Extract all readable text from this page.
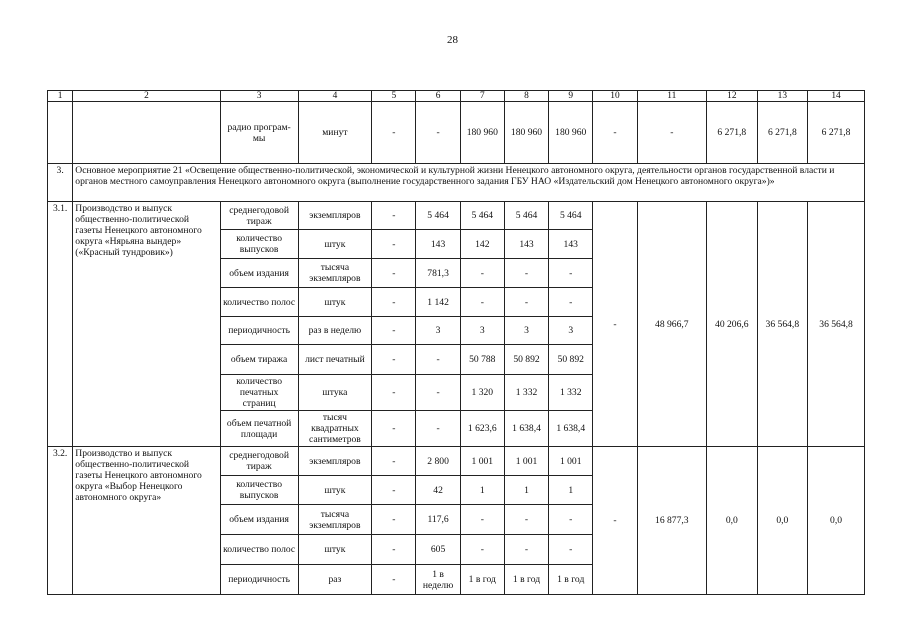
28
1	2	3	4	5	6	7	8	9	10	11	12	13	14
		радио програм-мы	минут	-	-	180 960	180 960	180 960	-	-	6 271,8	6 271,8	6 271,8
3.	Основное мероприятие 21 «Освещение общественно-политической, экономической и культурной жизни Ненецкого автономного округа, деятельности органов государственной власти и органов местного самоуправления Ненецкого автономного округа (выполнение государственного задания ГБУ НАО «Издательский дом Ненецкого автономного округа»)»												
3.1.	Производство и выпуск общественно-политической газеты Ненецкого автономного округа «Нярьяна вындер» («Красный тундровик»)	среднегодовой тираж	экземпляров	-	5 464	5 464	5 464	5 464	-	48 966,7	40 206,6	36 564,8	36 564,8
		количество выпусков	штук	-	143	142	143	143					
		объем издания	тысяча экземпляров	-	781,3	-	-	-					
		количество полос	штук	-	1 142	-	-	-					
		периодичность	раз в неделю	-	3	3	3	3					
		объем тиража	лист печатный	-	-	50 788	50 892	50 892					
		количество печатных страниц	штука	-	-	1 320	1 332	1 332					
		объем печатной площади	тысяч квадратных сантиметров	-	-	1 623,6	1 638,4	1 638,4					
3.2.	Производство и выпуск общественно-политической газеты Ненецкого автономного округа «Выбор Ненецкого автономного округа»	среднегодовой тираж	экземпляров	-	2 800	1 001	1 001	1 001	-	16 877,3	0,0	0,0	0,0
		количество выпусков	штук	-	42	1	1	1					
		объем издания	тысяча экземпляров	-	117,6	-	-	-					
		количество полос	штук	-	605	-	-	-					
		периодичность	раз	-	1 в неделю	1 в год	1 в год	1 в год					
